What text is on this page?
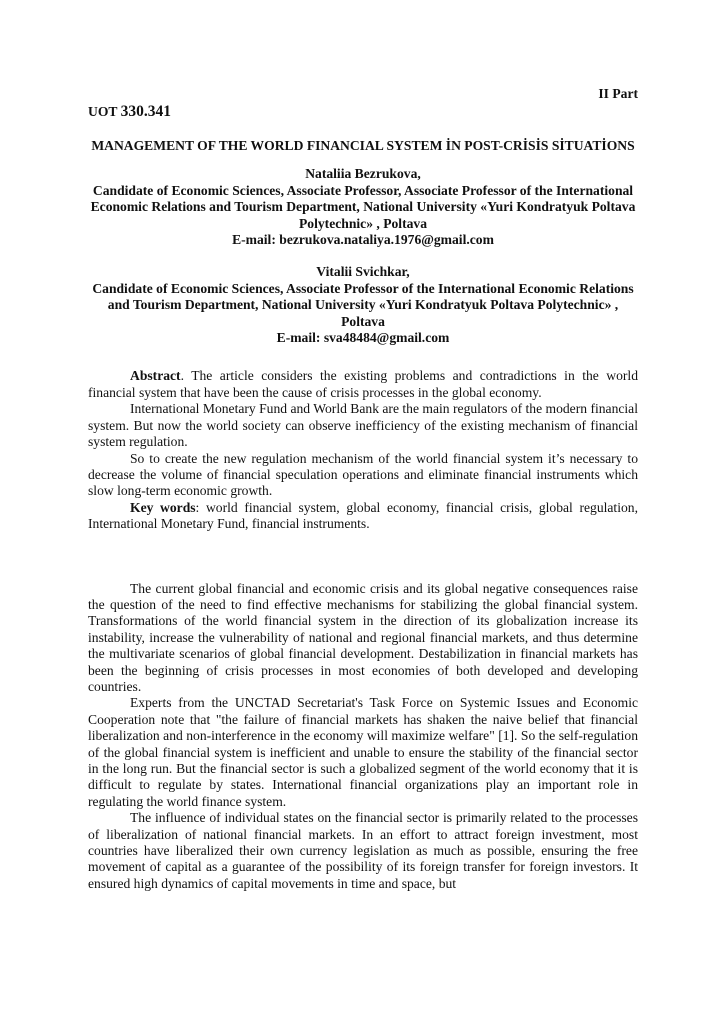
II Part
UOT 330.341
MANAGEMENT OF THE WORLD FINANCIAL SYSTEM İN POST-CRİSİS SİTUATİONS
Nataliia Bezrukova,
Candidate of Economic Sciences, Associate Professor, Associate Professor of the International Economic Relations and Tourism Department, National University «Yuri Kondratyuk Poltava Polytechnic» , Poltava
E-mail: bezrukova.nataliya.1976@gmail.com
Vitalii Svichkar,
Candidate of Economic Sciences, Associate Professor of the International Economic Relations and Tourism Department, National University «Yuri Kondratyuk Poltava Polytechnic» , Poltava
E-mail: sva48484@gmail.com

Abstract. The article considers the existing problems and contradictions in the world financial system that have been the cause of crisis processes in the global economy.

International Monetary Fund and World Bank are the main regulators of the modern financial system. But now the world society can observe inefficiency of the existing mechanism of financial system regulation.

So to create the new regulation mechanism of the world financial system it’s necessary to decrease the volume of financial speculation operations and eliminate financial instruments which slow long-term economic growth.

Key words: world financial system, global economy, financial crisis, global regulation, International Monetary Fund, financial instruments.

The current global financial and economic crisis and its global negative consequences raise the question of the need to find effective mechanisms for stabilizing the global financial system. Transformations of the world financial system in the direction of its globalization increase its instability, increase the vulnerability of national and regional financial markets, and thus determine the multivariate scenarios of global financial development. Destabilization in financial markets has been the beginning of crisis processes in most economies of both developed and developing countries.

Experts from the UNCTAD Secretariat's Task Force on Systemic Issues and Economic Cooperation note that "the failure of financial markets has shaken the naive belief that financial liberalization and non-interference in the economy will maximize welfare" [1]. So the self-regulation of the global financial system is inefficient and unable to ensure the stability of the financial sector in the long run. But the financial sector is such a globalized segment of the world economy that it is difficult to regulate by states. International financial organizations play an important role in regulating the world finance system.

The influence of individual states on the financial sector is primarily related to the processes of liberalization of national financial markets. In an effort to attract foreign investment, most countries have liberalized their own currency legislation as much as possible, ensuring the free movement of capital as a guarantee of the possibility of its foreign transfer for foreign investors. It ensured high dynamics of capital movements in time and space, but
